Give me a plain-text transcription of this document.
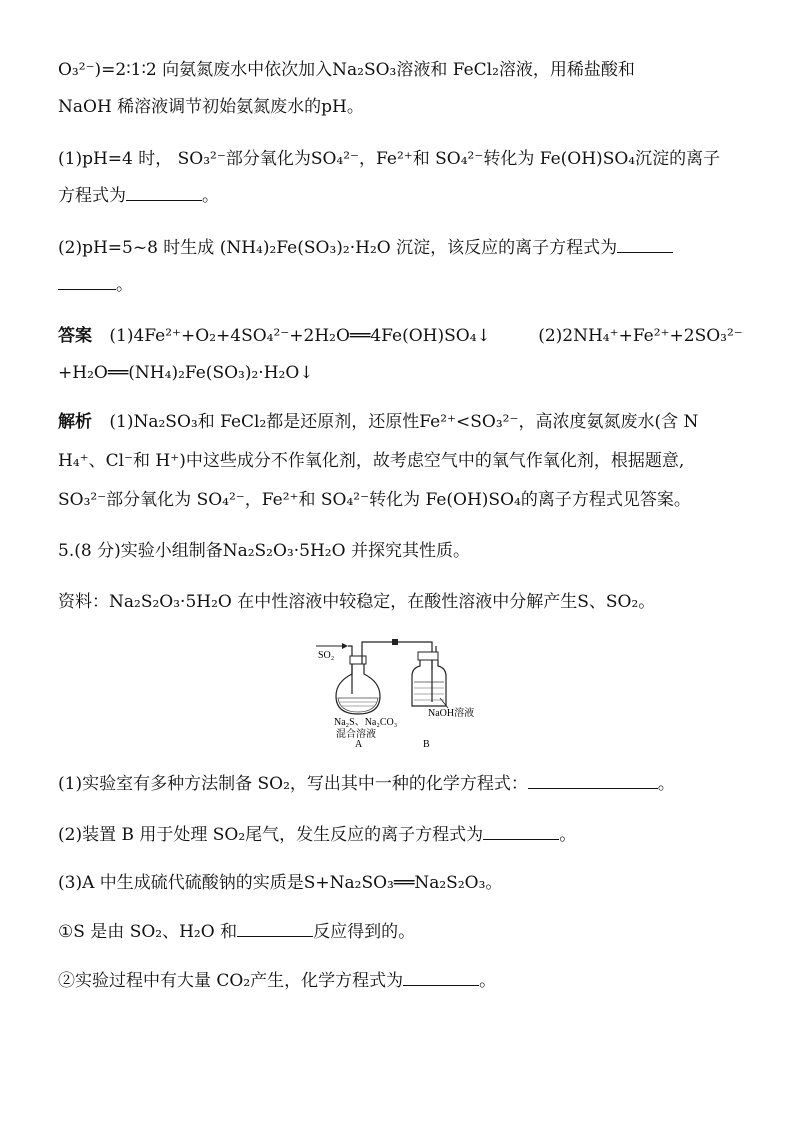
O₃²⁻)=2∶1∶2 向氨氮废水中依次加入Na₂SO₃溶液和 FeCl₂溶液，用稀盐酸和
NaOH 稀溶液调节初始氨氮废水的pH。
(1)pH=4 时， SO₃²⁻部分氧化为SO₄²⁻，Fe²⁺和 SO₄²⁻转化为 Fe(OH)SO₄沉淀的离子
方程式为	。
(2)pH=5~8 时生成 (NH₄)₂Fe(SO₃)₂·H₂O 沉淀，该反应的离子方程式为
。
答案 (1)4Fe²⁺+O₂+4SO₄²⁻+2H₂O══4Fe(OH)SO₄↓	(2)2NH₄⁺+Fe²⁺+2SO₃²⁻
+H₂O══(NH₄)₂Fe(SO₃)₂·H₂O↓
解析 (1)Na₂SO₃和 FeCl₂都是还原剂，还原性Fe²⁺<SO₃²⁻，高浓度氨氮废水(含 N
H₄⁺、Cl⁻和 H⁺)中这些成分不作氧化剂，故考虑空气中的氧气作氧化剂，根据题意,
SO₃²⁻部分氧化为 SO₄²⁻，Fe²⁺和 SO₄²⁻转化为 Fe(OH)SO₄的离子方程式见答案。
5.(8 分)实验小组制备Na₂S₂O₃·5H₂O 并探究其性质。
资料：Na₂S₂O₃·5H₂O 在中性溶液中较稳定，在酸性溶液中分解产生S、SO₂。
SO₂
NaOH溶液
Na₂S、Na₂CO₃
混合溶液
A	B
(1)实验室有多种方法制备 SO₂，写出其中一种的化学方程式：	。
(2)装置 B 用于处理 SO₂尾气，发生反应的离子方程式为	。
(3)A 中生成硫代硫酸钠的实质是S+Na₂SO₃══Na₂S₂O₃。
①S 是由 SO₂、H₂O 和	反应得到的。
②实验过程中有大量 CO₂产生，化学方程式为	。
